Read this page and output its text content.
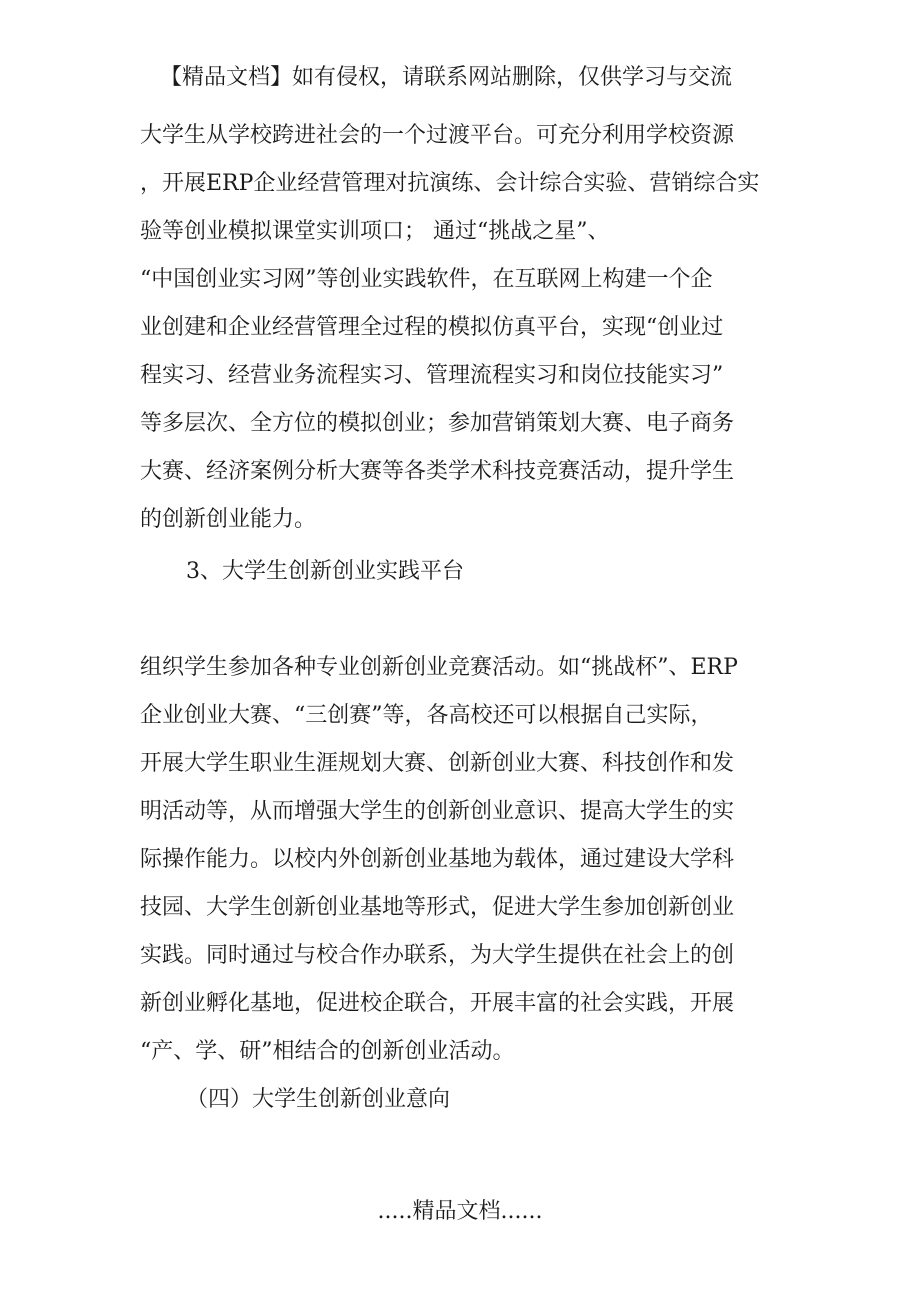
【精品文档】如有侵权，请联系网站删除，仅供学习与交流
大学生从学校跨进社会的一个过渡平台。可充分利用学校资源
，开展ERP企业经营管理对抗演练、会计综合实验、营销综合实
验等创业模拟课堂实训项口； 通过“挑战之星”、
“中国创业实习网”等创业实践软件，在互联网上构建一个企
业创建和企业经营管理全过程的模拟仿真平台，实现“创业过
程实习、经营业务流程实习、管理流程实习和岗位技能实习”
等多层次、全方位的模拟创业；参加营销策划大赛、电子商务
大赛、经济案例分析大赛等各类学术科技竞赛活动，提升学生
的创新创业能力。
3、大学生创新创业实践平台
组织学生参加各种专业创新创业竞赛活动。如“挑战杯”、ERP
企业创业大赛、“三创赛”等，各高校还可以根据自己实际，
开展大学生职业生涯规划大赛、创新创业大赛、科技创作和发
明活动等，从而增强大学生的创新创业意识、提高大学生的实
际操作能力。以校内外创新创业基地为载体，通过建设大学科
技园、大学生创新创业基地等形式，促进大学生参加创新创业
实践。同时通过与校合作办联系，为大学生提供在社会上的创
新创业孵化基地，促进校企联合，开展丰富的社会实践，开展
“产、学、研”相结合的创新创业活动。
（四）大学生创新创业意向
.....精品文档......
